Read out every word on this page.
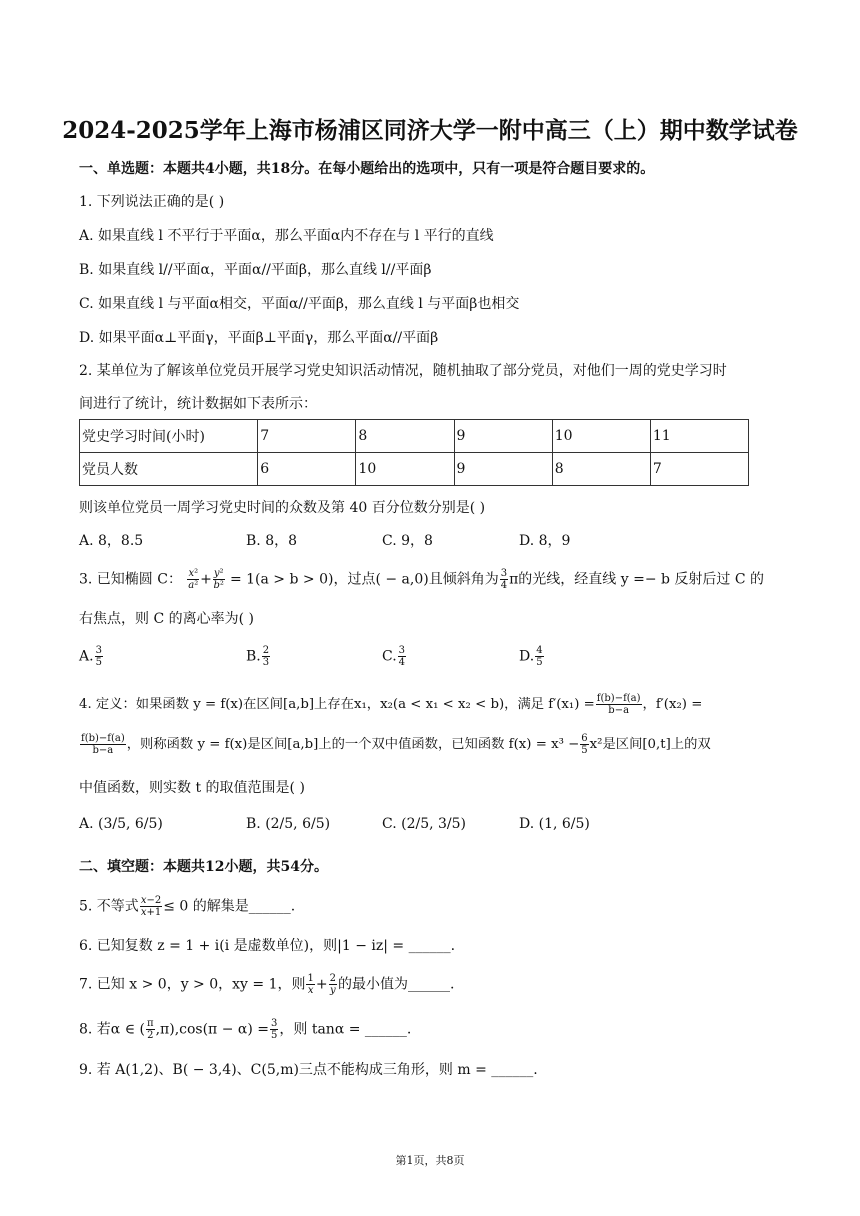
2024-2025学年上海市杨浦区同济大学一附中高三（上）期中数学试卷
一、单选题：本题共4小题，共18分。在每小题给出的选项中，只有一项是符合题目要求的。
1. 下列说法正确的是( )
A. 如果直线 l 不平行于平面α，那么平面α内不存在与 l 平行的直线
B. 如果直线 l//平面α，平面α//平面β，那么直线 l//平面β
C. 如果直线 l 与平面α相交，平面α//平面β，那么直线 l 与平面β也相交
D. 如果平面α⊥平面γ，平面β⊥平面γ，那么平面α//平面β
2. 某单位为了解该单位党员开展学习党史知识活动情况，随机抽取了部分党员，对他们一周的党史学习时
间进行了统计，统计数据如下表所示：
党史学习时间(小时)	7	8	9	10	11
党员人数	6	10	9	8	7
则该单位党员一周学习党史时间的众数及第 40 百分位数分别是( )
A. 8，8.5	B. 8，8	C. 9，8	D. 8，9
3. 已知椭圆 C： $\frac{\text{x²}}{\text{a²}} + \frac{\text{y²}}{\text{b²}} = 1(a > b > 0)$，过点( − a,0)且倾斜角为 $\frac{3}{4}$ π的光线，经直线 y =− b 反射后过 C 的
右焦点，则 C 的离心率为( )
A. $\frac{3}{5}$	B. $\frac{2}{3}$	C. $\frac{3}{4}$	D. $\frac{4}{5}$
4. 定义：如果函数 y = f(x)在区间[a,b]上存在x₁，x₂(a < x₁ < x₂ < b)，满足 $f'(x_1) = \frac{f(b)-f(a)}{b-a}$ ，f′(x₂) =
$\frac{f(b)-f(a)}{b-a}$ ，则称函数 y = f(x)是区间[a,b]上的一个双中值函数，已知函数 $f(x) = x^3 - \frac{6}{5} x^2$是区间[0,t]上的双
中值函数，则实数 t 的取值范围是( )
A. (3/5, 6/5)	B. (2/5, 6/5)	C. (2/5, 3/5)	D. (1, 6/5)
二、填空题：本题共12小题，共54分。
5. 不等式 $\frac{x-2}{x+1} \le 0$ 的解集是______.
6. 已知复数 z = 1 + i(i 是虚数单位)，则|1 − iz| = ______.
7. 已知 x > 0，y > 0，xy = 1，则 $\frac{1}{x} + \frac{2}{y}$ 的最小值为______.
8. 若α ∈ ( $\frac{\pi}{2} ,\pi),\cos(\pi - \alpha) = \frac{3}{5}$ ，则 tanα = ______.
9. 若 A(1,2)、B( − 3,4)、C(5,m)三点不能构成三角形，则 m = ______.
第1页，共8页
